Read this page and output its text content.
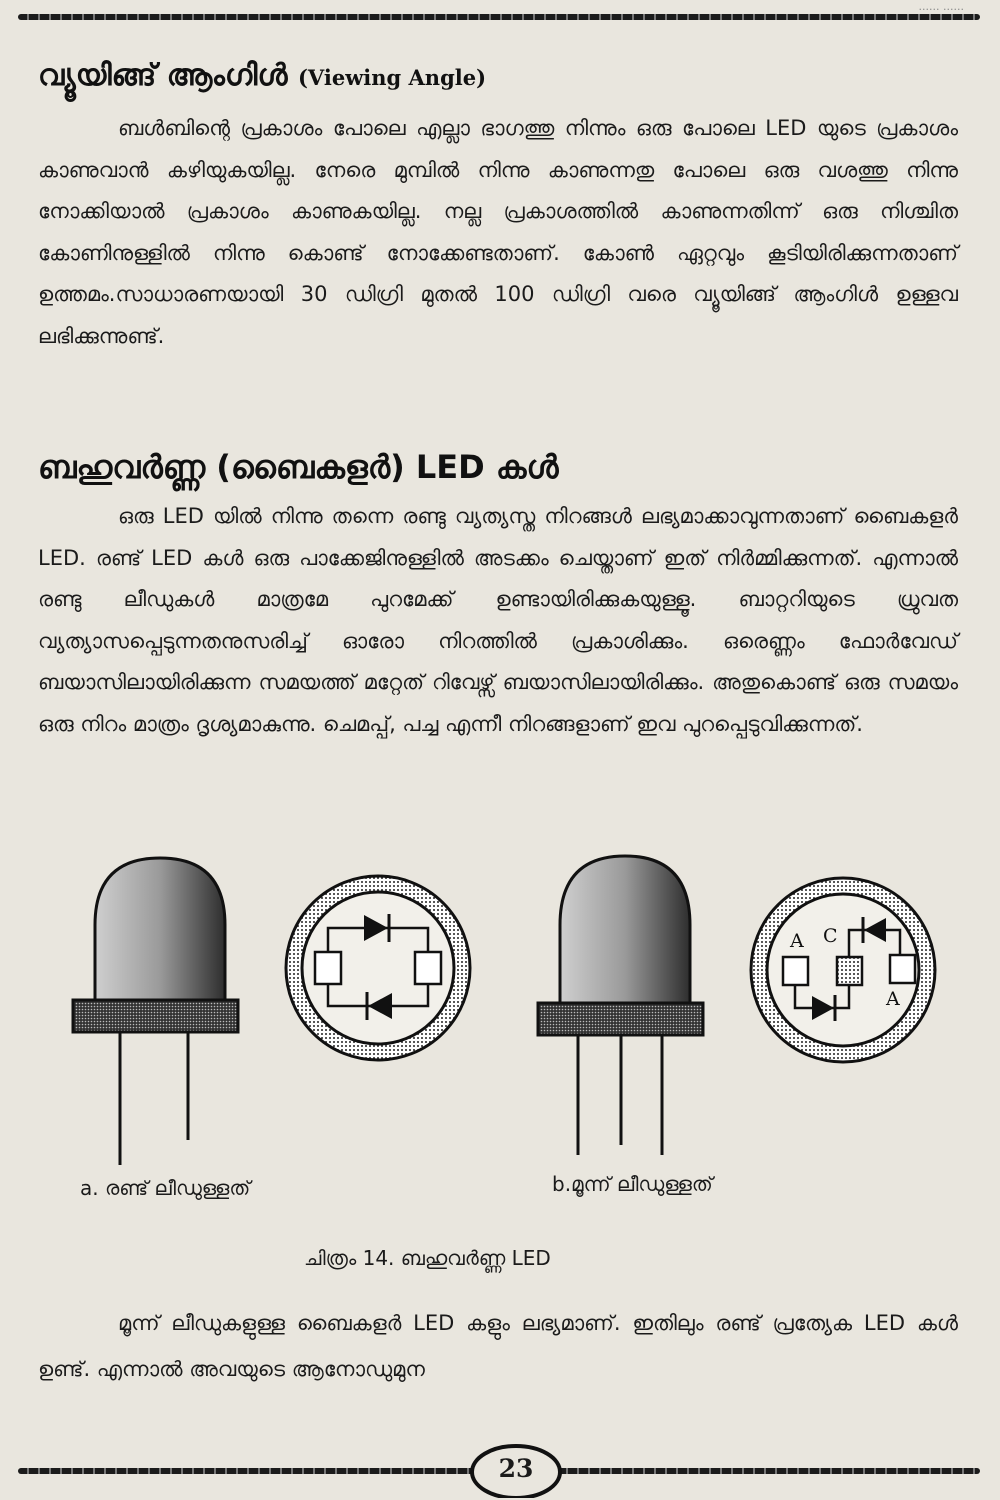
...... ......
വ്യൂയിങ്ങ് ആംഗിൾ (Viewing Angle)
ബൾബിന്റെ പ്രകാശം പോലെ എല്ലാ ഭാഗത്തു നിന്നും ഒരു പോലെ LED യുടെ പ്രകാശം കാണുവാൻ കഴിയുകയില്ല. നേരെ മുമ്പിൽ നിന്നു കാണുന്നതു പോലെ ഒരു വശത്തു നിന്നു നോക്കിയാൽ പ്രകാശം കാണുകയില്ല. നല്ല പ്രകാശത്തിൽ കാണുന്നതിന്ന് ഒരു നിശ്ചിത കോണിനുള്ളിൽ നിന്നു കൊണ്ട് നോക്കേണ്ടതാണ്. കോൺ ഏറ്റവും കൂടിയിരിക്കുന്നതാണ് ഉത്തമം.സാധാരണയായി 30 ഡിഗ്രി മുതൽ 100 ഡിഗ്രി വരെ വ്യൂയിങ്ങ് ആംഗിൾ ഉള്ളവ ലഭിക്കുന്നുണ്ട്.
ബഹുവർണ്ണ (ബൈകളർ) LED കൾ
ഒരു LED യിൽ നിന്നു തന്നെ രണ്ടു വ്യത്യസ്ത നിറങ്ങൾ ലഭ്യമാക്കാവുന്നതാണ് ബൈകളർ LED. രണ്ട് LED കൾ ഒരു പാക്കേജിനുള്ളിൽ അടക്കം ചെയ്താണ് ഇത് നിർമ്മിക്കുന്നത്. എന്നാൽ രണ്ടു ലീഡുകൾ മാത്രമേ പുറമേക്ക് ഉണ്ടായിരിക്കുകയുള്ളൂ. ബാറ്ററിയുടെ ധ്രുവത വ്യത്യാസപ്പെടുന്നതനുസരിച്ച് ഓരോ നിറത്തിൽ പ്രകാശിക്കും. ഒരെണ്ണം ഫോർവേഡ് ബയാസിലായിരിക്കുന്ന സമയത്ത് മറ്റേത് റിവേഴ്സ് ബയാസിലായിരിക്കും. അതുകൊണ്ട് ഒരു സമയം ഒരു നിറം മാത്രം ദൃശ്യമാകുന്നു. ചെമപ്പ്, പച്ച എന്നീ നിറങ്ങളാണ് ഇവ പുറപ്പെടുവിക്കുന്നത്.
A C
A
a. രണ്ട് ലീഡുള്ളത്	b.മൂന്ന് ലീഡുള്ളത്
ചിത്രം 14. ബഹുവർണ്ണ LED
മൂന്ന് ലീഡുകളുള്ള ബൈകളർ LED കളും ലഭ്യമാണ്. ഇതിലും രണ്ട് പ്രത്യേക LED കൾ ഉണ്ട്. എന്നാൽ അവയുടെ ആനോഡുമുന
23
